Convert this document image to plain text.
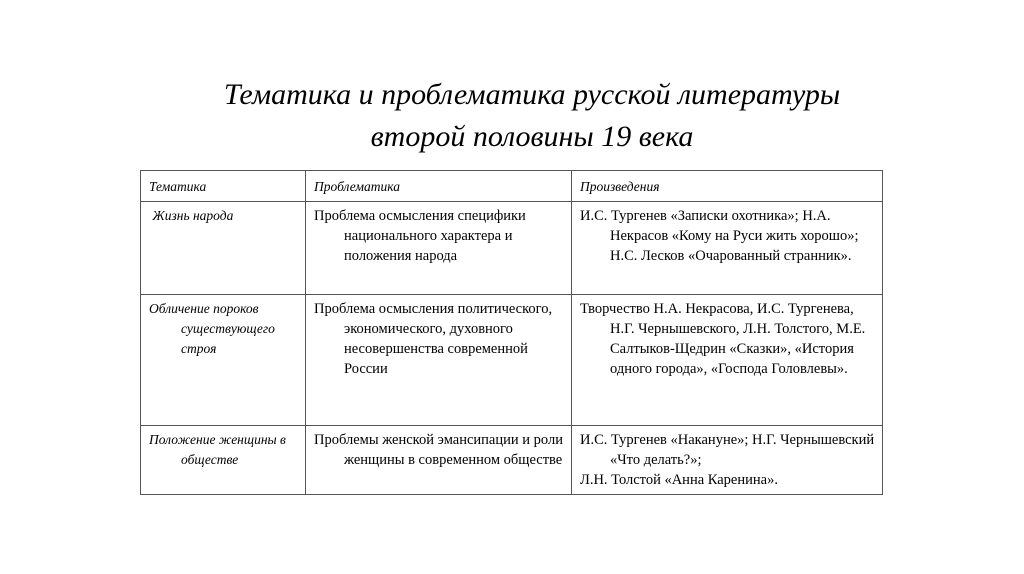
Тематика и проблематика русской литературы
второй половины 19 века
Тематика	Проблематика	Произведения

Жизнь народа	Проблема осмысления специфики национального характера и положения народа	И.С. Тургенев «Записки охотника»; Н.А. Некрасов «Кому на Руси жить хорошо»; Н.С. Лесков «Очарованный странник».

Обличение пороков существующего строя	Проблема осмысления политического, экономического, духовного несовершенства современной России	Творчество Н.А. Некрасова, И.С. Тургенева, Н.Г. Чернышевского, Л.Н. Толстого, М.Е. Салтыков-Щедрин «Сказки», «История одного города», «Господа Головлевы».

Положение женщины в обществе	Проблемы женской эмансипации и роли женщины в современном обществе	И.С. Тургенев «Накануне»; Н.Г. Чернышевский «Что делать?»;
Л.Н. Толстой «Анна Каренина».
